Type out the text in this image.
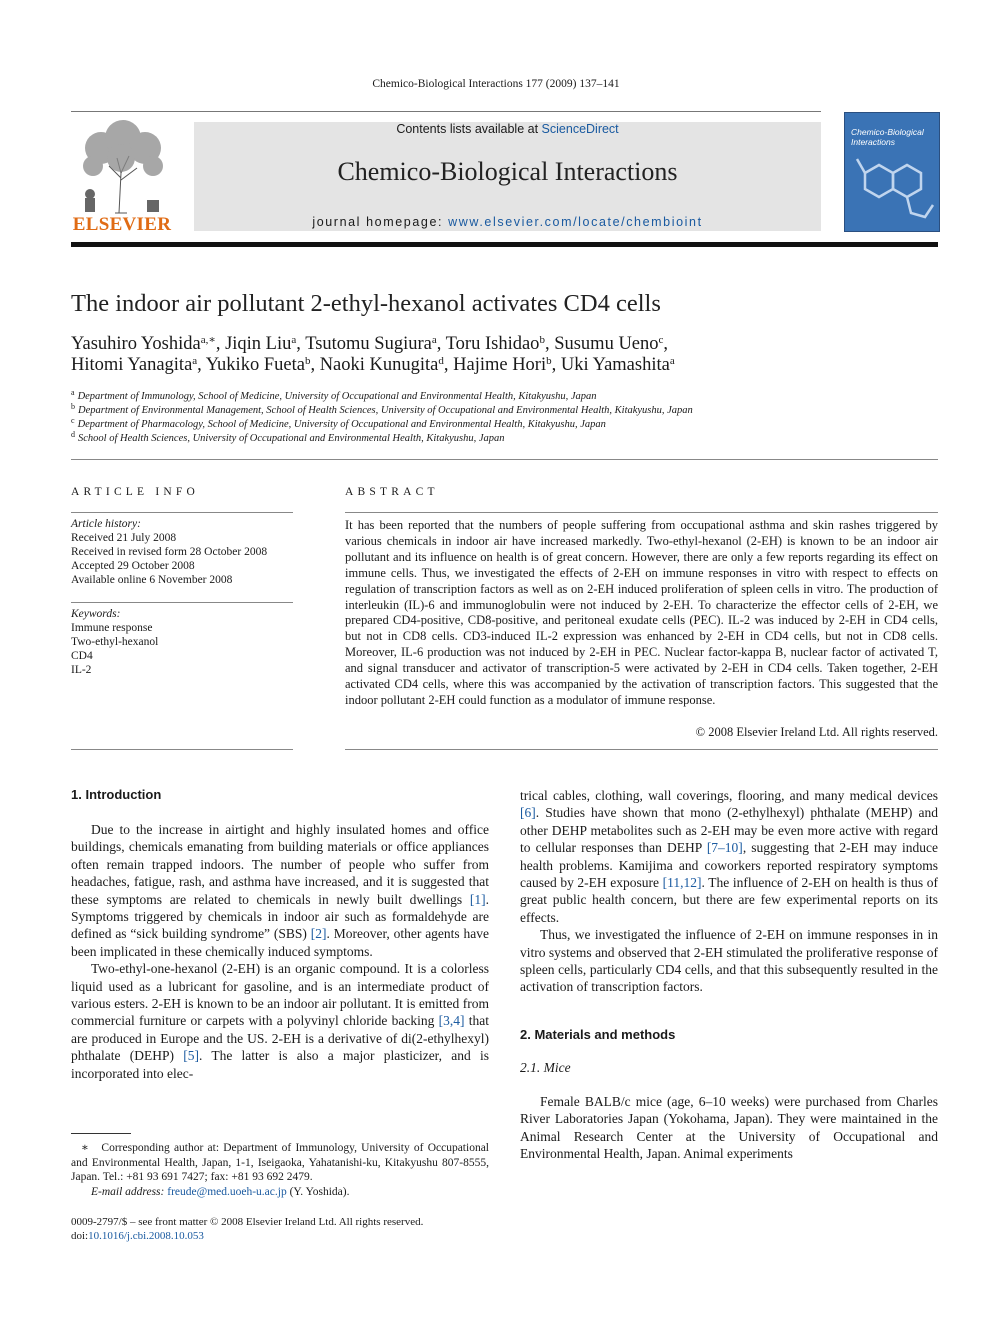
Chemico-Biological Interactions 177 (2009) 137–141
ELSEVIER
Contents lists available at ScienceDirect
Chemico-Biological Interactions
journal homepage: www.elsevier.com/locate/chembioint
Chemico-Biological Interactions
The indoor air pollutant 2-ethyl-hexanol activates CD4 cells
Yasuhiro Yoshida$^{a,∗}$, Jiqin Liu$^a$, Tsutomu Sugiura$^a$, Toru Ishidao$^b$, Susumu Ueno$^c$,
Hitomi Yanagita$^a$, Yukiko Fueta$^b$, Naoki Kunugita$^d$, Hajime Hori$^b$, Uki Yamashita$^a$
$^a$ Department of Immunology, School of Medicine, University of Occupational and Environmental Health, Kitakyushu, Japan
$^b$ Department of Environmental Management, School of Health Sciences, University of Occupational and Environmental Health, Kitakyushu, Japan
$^c$ Department of Pharmacology, School of Medicine, University of Occupational and Environmental Health, Kitakyushu, Japan
$^d$ School of Health Sciences, University of Occupational and Environmental Health, Kitakyushu, Japan
ARTICLE INFO
Article history:
Received 21 July 2008
Received in revised form 28 October 2008
Accepted 29 October 2008
Available online 6 November 2008
Keywords:
Immune response
Two-ethyl-hexanol
CD4
IL-2
ABSTRACT
It has been reported that the numbers of people suffering from occupational asthma and skin rashes triggered by various chemicals in indoor air have increased markedly. Two-ethyl-hexanol (2-EH) is known to be an indoor air pollutant and its influence on health is of great concern. However, there are only a few reports regarding its effect on immune cells. Thus, we investigated the effects of 2-EH on immune responses in vitro with respect to effects on regulation of transcription factors as well as on 2-EH induced proliferation of spleen cells in vitro. The production of interleukin (IL)-6 and immunoglobulin were not induced by 2-EH. To characterize the effector cells of 2-EH, we prepared CD4-positive, CD8-positive, and peritoneal exudate cells (PEC). IL-2 was induced by 2-EH in CD4 cells, but not in CD8 cells. CD3-induced IL-2 expression was enhanced by 2-EH in CD4 cells, but not in CD8 cells. Moreover, IL-6 production was not induced by 2-EH in PEC. Nuclear factor-kappa B, nuclear factor of activated T, and signal transducer and activator of transcription-5 were activated by 2-EH in CD4 cells. Taken together, 2-EH activated CD4 cells, where this was accompanied by the activation of transcription factors. This suggested that the indoor pollutant 2-EH could function as a modulator of immune response.
© 2008 Elsevier Ireland Ltd. All rights reserved.
1. Introduction

Due to the increase in airtight and highly insulated homes and office buildings, chemicals emanating from building materials or office appliances often remain trapped indoors. The number of people who suffer from headaches, fatigue, rash, and asthma have increased, and it is suggested that these symptoms are related to chemicals in newly built dwellings [1]. Symptoms triggered by chemicals in indoor air such as formaldehyde are defined as “sick building syndrome” (SBS) [2]. Moreover, other agents have been implicated in these chemically induced symptoms.

Two-ethyl-one-hexanol (2-EH) is an organic compound. It is a colorless liquid used as a lubricant for gasoline, and is an intermediate product of various esters. 2-EH is known to be an indoor air pollutant. It is emitted from commercial furniture or carpets with a polyvinyl chloride backing [3,4] that are produced in Europe and the US. 2-EH is a derivative of di(2-ethylhexyl) phthalate (DEHP) [5]. The latter is also a major plasticizer, and is incorporated into elec-

∗ Corresponding author at: Department of Immunology, University of Occupational and Environmental Health, Japan, 1-1, Iseigaoka, Yahatanishi-ku, Kitakyushu 807-8555, Japan. Tel.: +81 93 691 7427; fax: +81 93 692 2479.
E-mail address: freude@med.uoeh-u.ac.jp (Y. Yoshida).
0009-2797/$ – see front matter © 2008 Elsevier Ireland Ltd. All rights reserved.
doi:10.1016/j.cbi.2008.10.053

trical cables, clothing, wall coverings, flooring, and many medical devices [6]. Studies have shown that mono (2-ethylhexyl) phthalate (MEHP) and other DEHP metabolites such as 2-EH may be even more active with regard to cellular responses than DEHP [7–10], suggesting that 2-EH may induce health problems. Kamijima and coworkers reported respiratory symptoms caused by 2-EH exposure [11,12]. The influence of 2-EH on health is thus of great public health concern, but there are few experimental reports on its effects.

Thus, we investigated the influence of 2-EH on immune responses in in vitro systems and observed that 2-EH stimulated the proliferative response of spleen cells, particularly CD4 cells, and that this subsequently resulted in the activation of transcription factors.

2. Materials and methods
2.1. Mice

Female BALB/c mice (age, 6–10 weeks) were purchased from Charles River Laboratories Japan (Yokohama, Japan). They were maintained in the Animal Research Center at the University of Occupational and Environmental Health, Japan. Animal experiments
